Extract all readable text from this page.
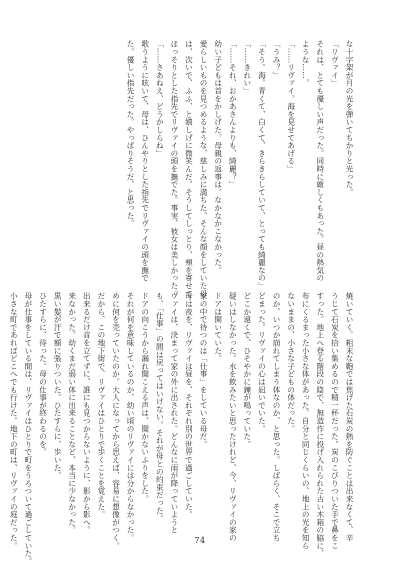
な十字架が月の光を弾いてちかりと光った。
「リヴァイ」
それは、とても優しい声だった。同時に厳しくもあった。昼の熱気の
ような……。
「……リヴァイ。海を見せてあげる」
「うみ？」
「そう。海。青くて、白くて、きらきらしていて、とっても綺麗なの」
「……きれい」
「……それ、おかあさんよりも、綺麗？」
幼い子どもは首をかしげた。母親の返事は、なかなかこなかった。
愛らしいものを見つめるような、慈しみに満ちた、そんな顔をしていた母
は、次いで、ふふ、と嬉しげに微笑んだ。そうしてしっとり、頬を寄せて
ほっそりとした指先でリヴァイの頭を撫でた。事実、彼女は美しかった。
「……さあねえ、どうかしらね」
歌うように呟いて、母は、ひんやりとした指先でリヴァイの頭を撫で
た。優しい指先だった。やっぱりそうだ、と思った。
焼いていく。粗末な鞄では焦げた石炭の熱を防ぐことは出来なくて、辛
うじて石炭を拾い集めるので精一杯だった。炭のこびりついた手で鼻をこ
すった。地上へ登る階段の陰で、無造作に投げ入れられた古い木箱の脇に、
布にくるまった小さな体があった。自分と同じくらいの、地上の光を知ら
ないままの、小さな子どもの体だった。
のか、いつか崩れてしまう体なのか、と思った。しばらく、そこで立ち
どまった。リヴァイの心は凪いでいた。
どこか遠くで、ひそやかに鐘が鳴っていた。
疑いはしなかった。水を飲みたいと思ったけれど、今、リヴァイの家の
ドアは開いていた。
家の中で待つのは「仕事」をしている母だ。
母は夜を、リヴァイは昼を、それぞれ別の世界で過ごしていた。
ヴァイは、決まって家の外に出された。どんなに雨が降っていようと
も、「仕事」の間は戻ってはいけない。それが母との約束だった。
ドアの向こうから漏れ聞こえる声は、聞かないふりをした。
それが何を意味しているのか、幼い頃のリヴァイには分からなかった。
めに何を売っていたのか。大人になってから思えば、容易に想像がつく。
だから、この地下街で、リヴァイはひとりで歩くことを覚えた。
出来るだけ音を立てずに、誰にも見つからないように、影から影へ。
来なかった。幼くまだ弱い体に出来ることなど、本当に少なかった。
黒い髪が汗で額に張りついた。ひたすらに、歩いた。
ひたすらに、待った。母の仕事が終わるのを。
母が仕事をしている間は、リヴァイはひとりで町をうろついて過ごしていた。
小さな町であればどこへでも行けた。地下の町は、リヴァイの庭だった。	74
